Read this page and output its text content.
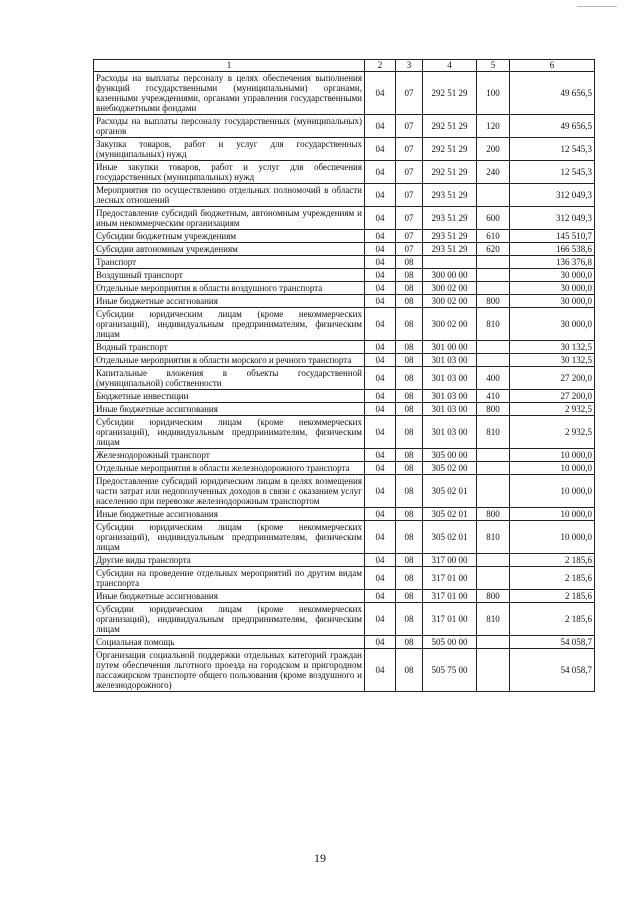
1	2	3	4	5	6
Расходы на выплаты персоналу в целях обеспечения выполнения функций государственными (муниципальными) органами, казенными учреждениями, органами управления государственными внебюджетными фондами	04	07	292 51 29	100	49 656,5
Расходы на выплаты персоналу государственных (муниципальных) органов	04	07	292 51 29	120	49 656,5
Закупка товаров, работ и услуг для государственных (муниципальных) нужд	04	07	292 51 29	200	12 545,3
Иные закупки товаров, работ и услуг для обеспечения государственных (муниципальных) нужд	04	07	292 51 29	240	12 545,3
Мероприятия по осуществлению отдельных полномочий в области лесных отношений	04	07	293 51 29		312 049,3
Предоставление субсидий бюджетным, автономным учреждениям и иным некоммерческим организациям	04	07	293 51 29	600	312 049,3
Субсидии бюджетным учреждениям	04	07	293 51 29	610	145 510,7
Субсидии автономным учреждениям	04	07	293 51 29	620	166 538,6
Транспорт	04	08			136 376,8
Воздушный транспорт	04	08	300 00 00		30 000,0
Отдельные мероприятия в области воздушного транспорта	04	08	300 02 00		30 000,0
Иные бюджетные ассигнования	04	08	300 02 00	800	30 000,0
Субсидии юридическим лицам (кроме некоммерческих организаций), индивидуальным предпринимателям, физическим лицам	04	08	300 02 00	810	30 000,0
Водный транспорт	04	08	301 00 00		30 132,5
Отдельные мероприятия в области морского и речного транспорта	04	08	301 03 00		30 132,5
Капитальные вложения в объекты государственной (муниципальной) собственности	04	08	301 03 00	400	27 200,0
Бюджетные инвестиции	04	08	301 03 00	410	27 200,0
Иные бюджетные ассигнования	04	08	301 03 00	800	2 932,5
Субсидии юридическим лицам (кроме некоммерческих организаций), индивидуальным предпринимателям, физическим лицам	04	08	301 03 00	810	2 932,5
Железнодорожный транспорт	04	08	305 00 00		10 000,0
Отдельные мероприятия в области железнодорожного транспорта	04	08	305 02 00		10 000,0
Предоставление субсидий юридическим лицам в целях возмещения части затрат или недополученных доходов в связи с оказанием услуг населению при перевозке железнодорожным транспортом	04	08	305 02 01		10 000,0
Иные бюджетные ассигнования	04	08	305 02 01	800	10 000,0
Субсидии юридическим лицам (кроме некоммерческих организаций), индивидуальным предпринимателям, физическим лицам	04	08	305 02 01	810	10 000,0
Другие виды транспорта	04	08	317 00 00		2 185,6
Субсидии на проведение отдельных мероприятий по другим видам транспорта	04	08	317 01 00		2 185,6
Иные бюджетные ассигнования	04	08	317 01 00	800	2 185,6
Субсидии юридическим лицам (кроме некоммерческих организаций), индивидуальным предпринимателям, физическим лицам	04	08	317 01 00	810	2 185,6
Социальная помощь	04	08	505 00 00		54 058,7
Организация социальной поддержки отдельных категорий граждан путем обеспечения льготного проезда на городском и пригородном пассажирском транспорте общего пользования (кроме воздушного и железнодорожного)	04	08	505 75 00		54 058,7
19
